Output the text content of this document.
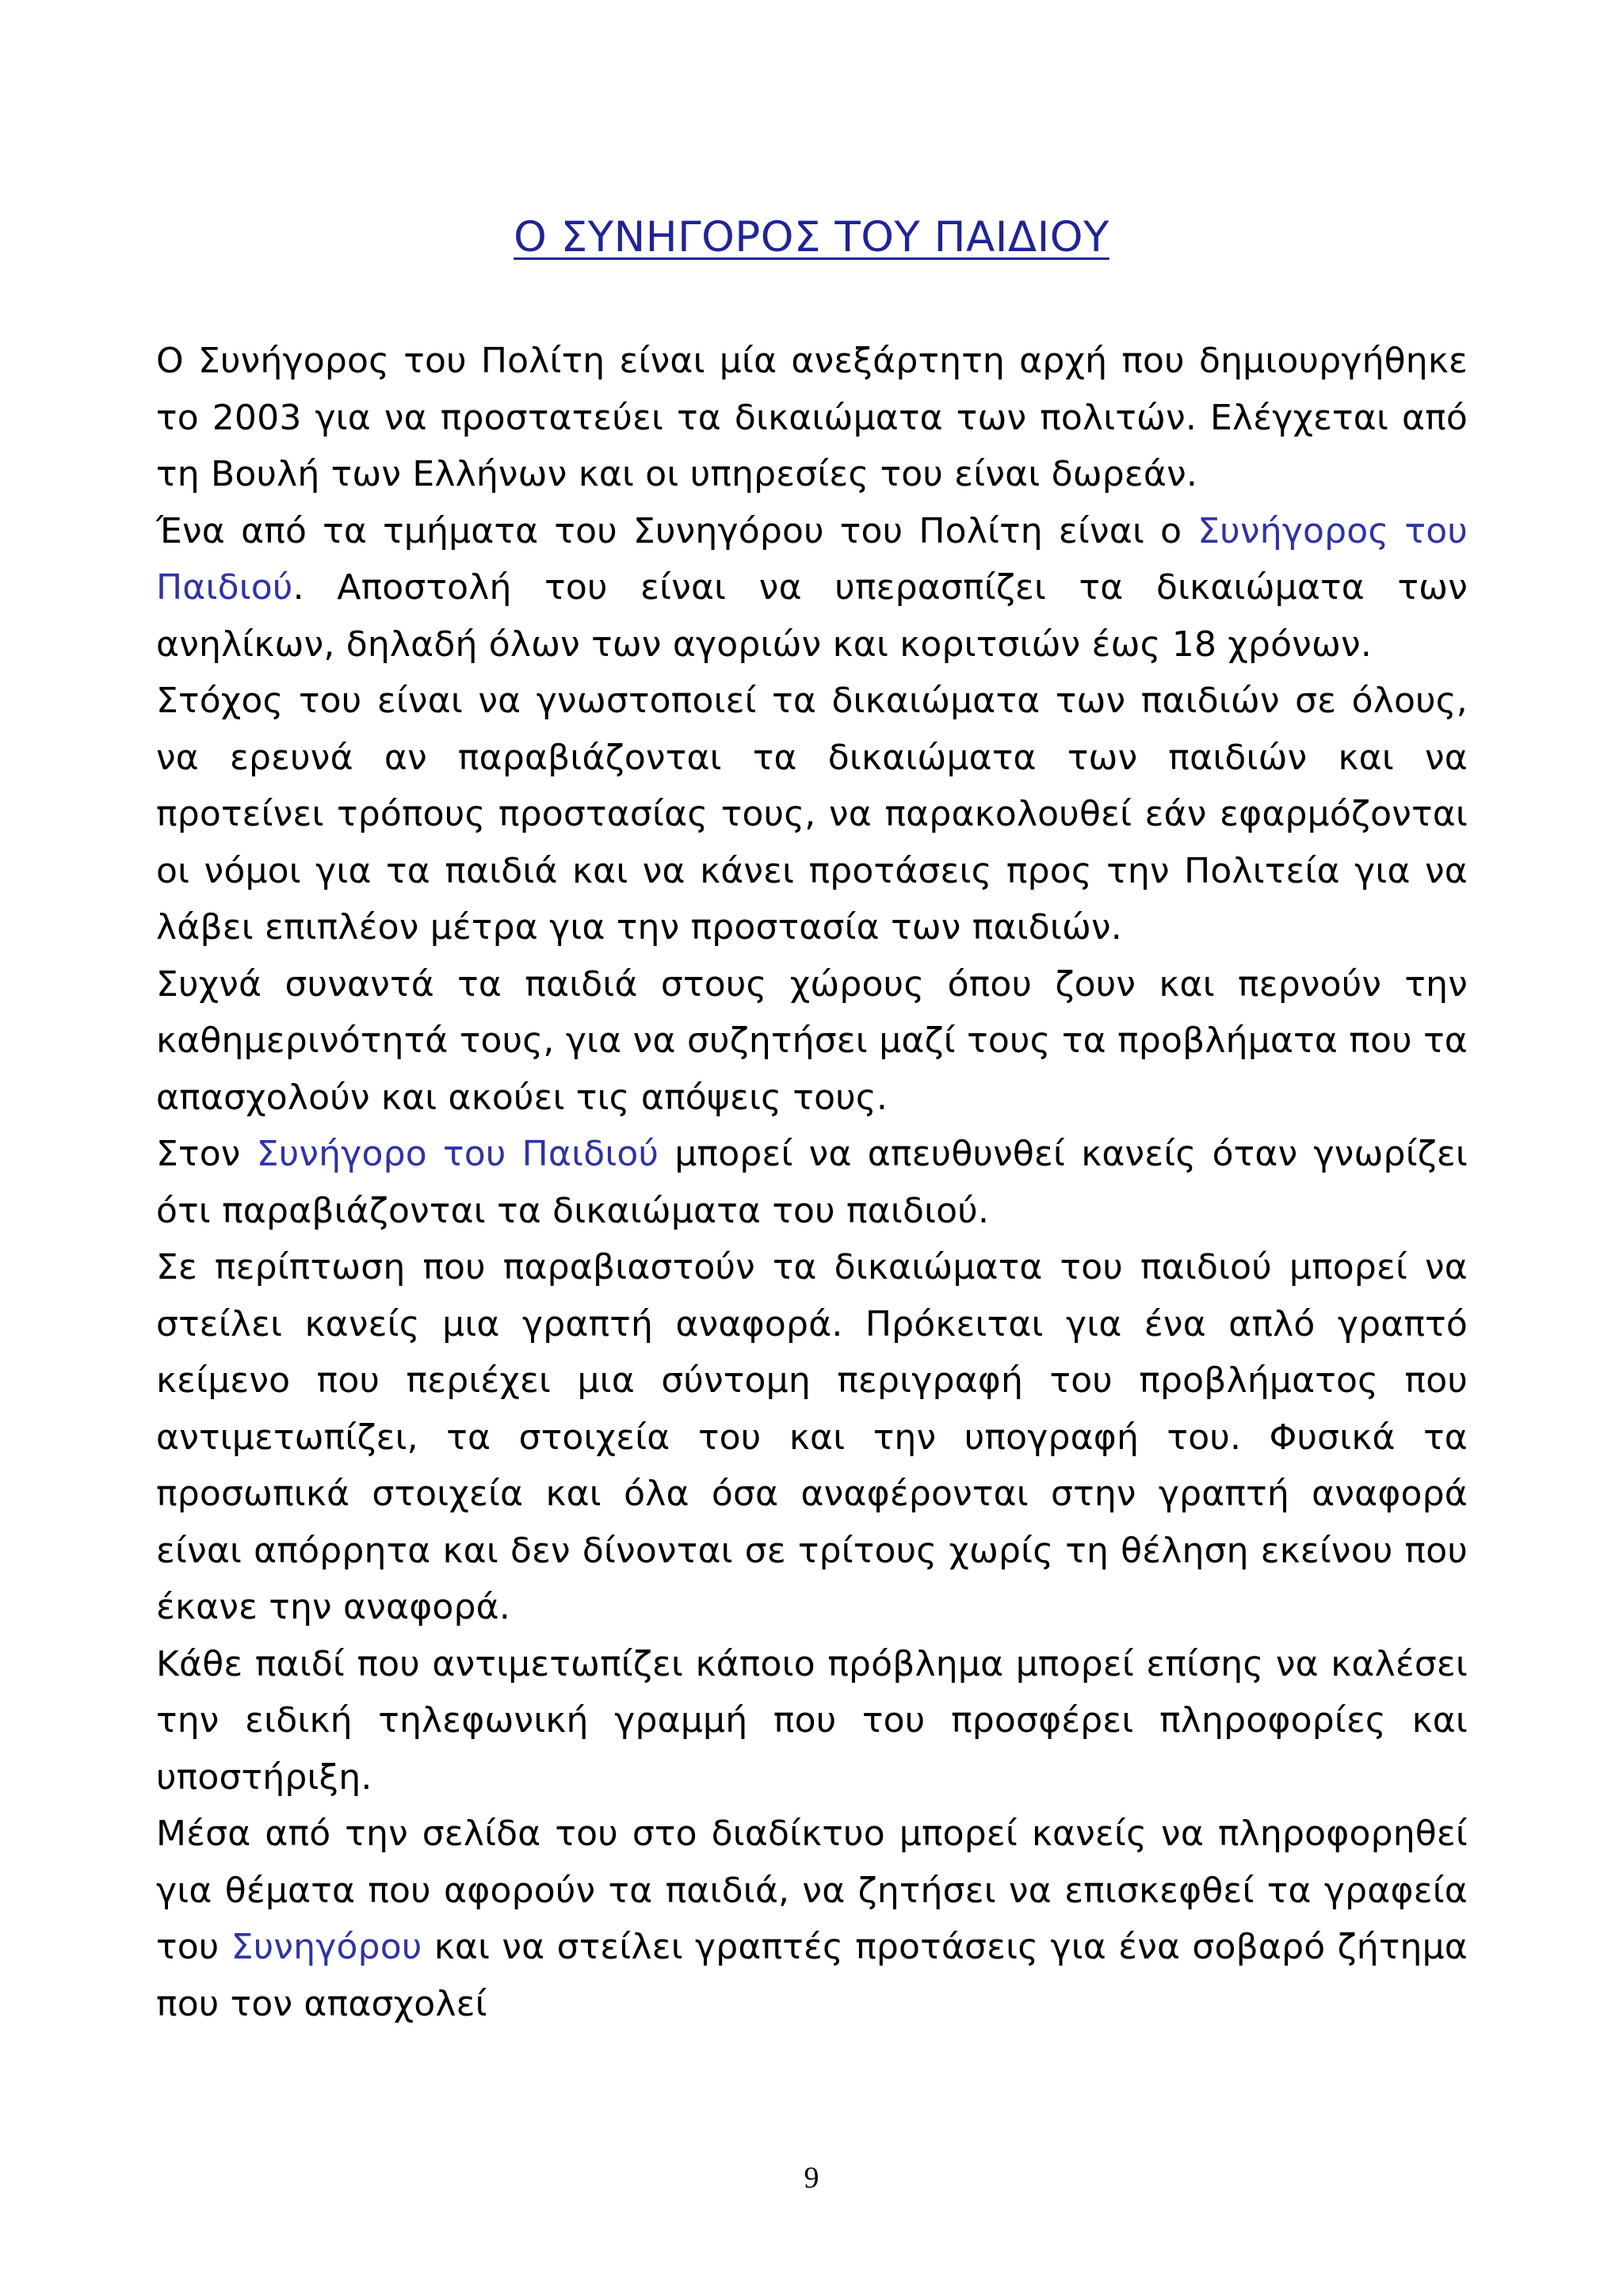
Ο ΣΥΝΗΓΟΡΟΣ ΤΟΥ ΠΑΙΔΙΟΥ

Ο Συνήγορος του Πολίτη είναι μία ανεξάρτητη αρχή που δημιουργήθηκε το 2003 για να προστατεύει τα δικαιώματα των πολιτών. Ελέγχεται από τη Βουλή των Ελλήνων και οι υπηρεσίες του είναι δωρεάν.

Ένα από τα τμήματα του Συνηγόρου του Πολίτη είναι ο Συνήγορος του Παιδιού. Αποστολή του είναι να υπερασπίζει τα δικαιώματα των ανηλίκων, δηλαδή όλων των αγοριών και κοριτσιών έως 18 χρόνων.

Στόχος του είναι να γνωστοποιεί τα δικαιώματα των παιδιών σε όλους, να ερευνά αν παραβιάζονται τα δικαιώματα των παιδιών και να προτείνει τρόπους προστασίας τους, να παρακολουθεί εάν εφαρμόζονται οι νόμοι για τα παιδιά και να κάνει προτάσεις προς την Πολιτεία για να λάβει επιπλέον μέτρα για την προστασία των παιδιών.

Συχνά συναντά τα παιδιά στους χώρους όπου ζουν και περνούν την καθημερινότητά τους, για να συζητήσει μαζί τους τα προβλήματα που τα απασχολούν και ακούει τις απόψεις τους.

Στον Συνήγορο του Παιδιού μπορεί να απευθυνθεί κανείς όταν γνωρίζει ότι παραβιάζονται τα δικαιώματα του παιδιού.

Σε περίπτωση που παραβιαστούν τα δικαιώματα του παιδιού μπορεί να στείλει κανείς μια γραπτή αναφορά. Πρόκειται για ένα απλό γραπτό κείμενο που περιέχει μια σύντομη περιγραφή του προβλήματος που αντιμετωπίζει, τα στοιχεία του και την υπογραφή του. Φυσικά τα προσωπικά στοιχεία και όλα όσα αναφέρονται στην γραπτή αναφορά είναι απόρρητα και δεν δίνονται σε τρίτους χωρίς τη θέληση εκείνου που έκανε την αναφορά.

Κάθε παιδί που αντιμετωπίζει κάποιο πρόβλημα μπορεί επίσης να καλέσει την ειδική τηλεφωνική γραμμή που του προσφέρει πληροφορίες και υποστήριξη.

Μέσα από την σελίδα του στο διαδίκτυο μπορεί κανείς να πληροφορηθεί για θέματα που αφορούν τα παιδιά, να ζητήσει να επισκεφθεί τα γραφεία του Συνηγόρου και να στείλει γραπτές προτάσεις για ένα σοβαρό ζήτημα που τον απασχολεί

9
